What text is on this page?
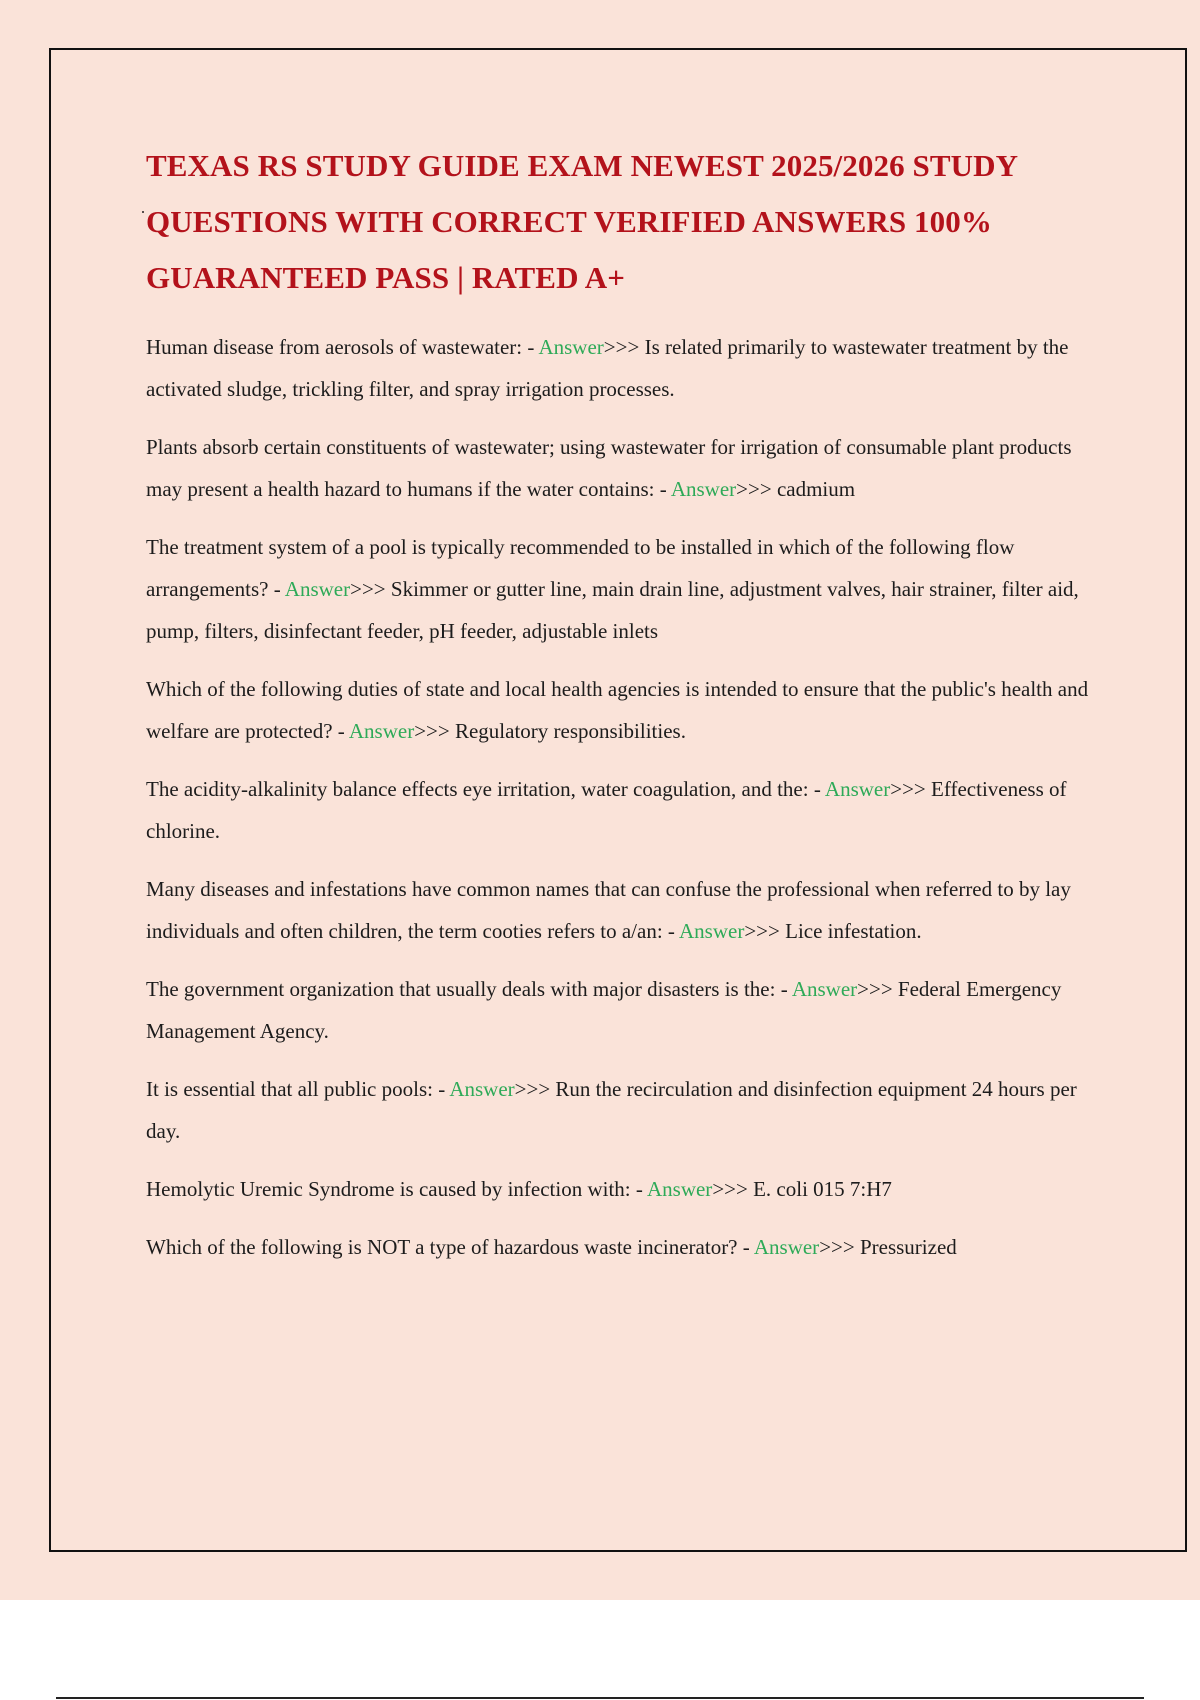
TEXAS RS STUDY GUIDE EXAM NEWEST 2025/2026 STUDY QUESTIONS WITH CORRECT VERIFIED ANSWERS 100% GUARANTEED PASS | RATED A+

Human disease from aerosols of wastewater: - Answer>>> Is related primarily to wastewater treatment by the activated sludge, trickling filter, and spray irrigation processes.

Plants absorb certain constituents of wastewater; using wastewater for irrigation of consumable plant products may present a health hazard to humans if the water contains: - Answer>>> cadmium

The treatment system of a pool is typically recommended to be installed in which of the following flow arrangements? - Answer>>> Skimmer or gutter line, main drain line, adjustment valves, hair strainer, filter aid, pump, filters, disinfectant feeder, pH feeder, adjustable inlets

Which of the following duties of state and local health agencies is intended to ensure that the public's health and welfare are protected? - Answer>>> Regulatory responsibilities.

The acidity-alkalinity balance effects eye irritation, water coagulation, and the: - Answer>>> Effectiveness of chlorine.

Many diseases and infestations have common names that can confuse the professional when referred to by lay individuals and often children, the term cooties refers to a/an: - Answer>>> Lice infestation.

The government organization that usually deals with major disasters is the: - Answer>>> Federal Emergency Management Agency.

It is essential that all public pools: - Answer>>> Run the recirculation and disinfection equipment 24 hours per day.

Hemolytic Uremic Syndrome is caused by infection with: - Answer>>> E. coli 015 7:H7

Which of the following is NOT a type of hazardous waste incinerator? - Answer>>> Pressurized
